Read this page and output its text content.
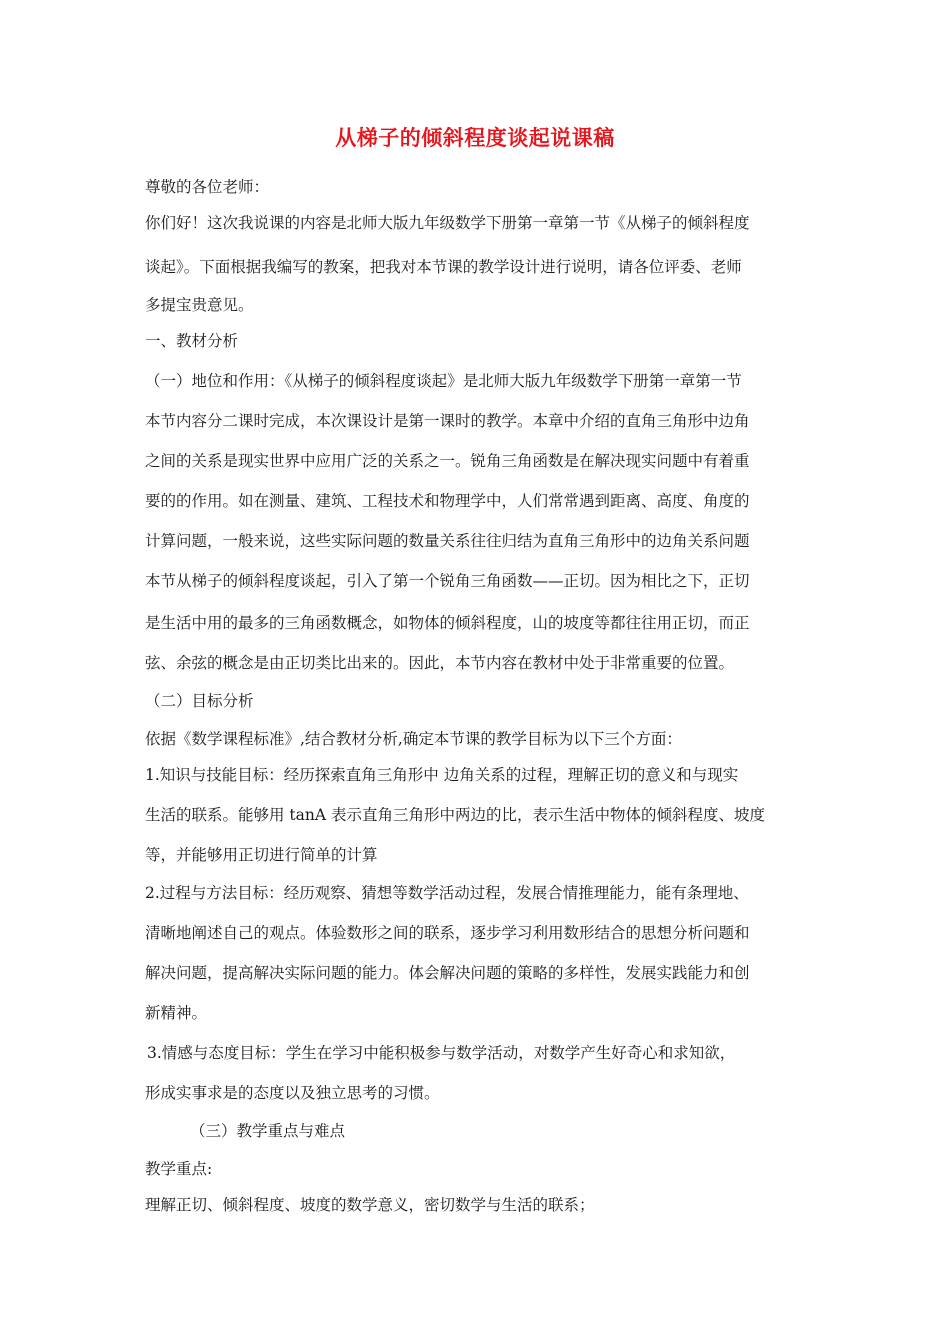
从梯子的倾斜程度谈起说课稿
尊敬的各位老师：
你们好！这次我说课的内容是北师大版九年级数学下册第一章第一节《从梯子的倾斜程度
谈起》。下面根据我编写的教案，把我对本节课的教学设计进行说明，请各位评委、老师
多提宝贵意见。
一、教材分析
（一）地位和作用：《从梯子的倾斜程度谈起》是北师大版九年级数学下册第一章第一节
本节内容分二课时完成，本次课设计是第一课时的教学。本章中介绍的直角三角形中边角
之间的关系是现实世界中应用广泛的关系之一。锐角三角函数是在解决现实问题中有着重
要的的作用。如在测量、建筑、工程技术和物理学中，人们常常遇到距离、高度、角度的
计算问题，一般来说，这些实际问题的数量关系往往归结为直角三角形中的边角关系问题
本节从梯子的倾斜程度谈起，引入了第一个锐角三角函数——正切。因为相比之下，正切
是生活中用的最多的三角函数概念，如物体的倾斜程度，山的坡度等都往往用正切，而正
弦、余弦的概念是由正切类比出来的。因此，本节内容在教材中处于非常重要的位置。
（二）目标分析
依据《数学课程标准》,结合教材分析,确定本节课的教学目标为以下三个方面：
1.知识与技能目标：经历探索直角三角形中 边角关系的过程，理解正切的意义和与现实
生活的联系。能够用 tanA 表示直角三角形中两边的比，表示生活中物体的倾斜程度、坡度
等，并能够用正切进行简单的计算
2.过程与方法目标：经历观察、猜想等数学活动过程，发展合情推理能力，能有条理地、
清晰地阐述自己的观点。体验数形之间的联系，逐步学习利用数形结合的思想分析问题和
解决问题，提高解决实际问题的能力。体会解决问题的策略的多样性，发展实践能力和创
新精神。
3.情感与态度目标：学生在学习中能积极参与数学活动，对数学产生好奇心和求知欲，
形成实事求是的态度以及独立思考的习惯。
（三）教学重点与难点
教学重点:
理解正切、倾斜程度、坡度的数学意义，密切数学与生活的联系；
